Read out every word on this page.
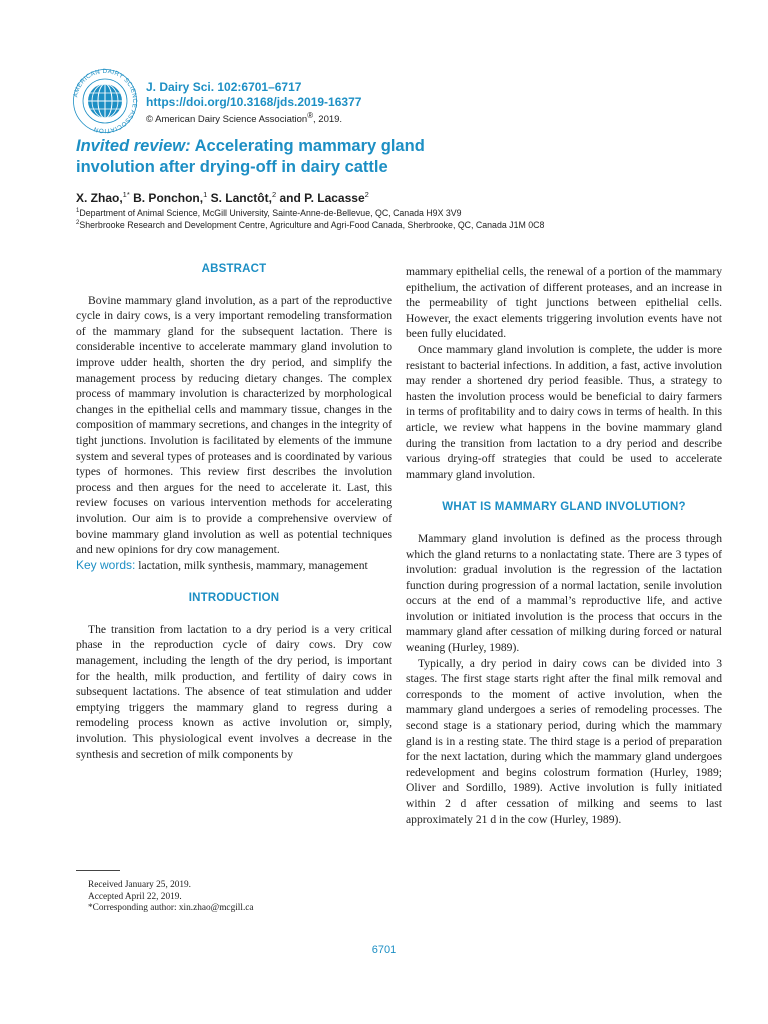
AMERICAN DAIRY SCIENCE ASSOCIATION
J. Dairy Sci. 102:6701–6717
https://doi.org/10.3168/jds.2019-16377
© American Dairy Science Association®, 2019.
Invited review: Accelerating mammary gland
involution after drying-off in dairy cattle
X. Zhao,$^{1*}$ B. Ponchon,$^1$ S. Lanctôt,$^2$ and P. Lacasse$^2$
$^1$Department of Animal Science, McGill University, Sainte-Anne-de-Bellevue, QC, Canada H9X 3V9
$^2$Sherbrooke Research and Development Centre, Agriculture and Agri-Food Canada, Sherbrooke, QC, Canada J1M 0C8
ABSTRACT

Bovine mammary gland involution, as a part of the reproductive cycle in dairy cows, is a very important remodeling transformation of the mammary gland for the subsequent lactation. There is considerable incentive to accelerate mammary gland involution to improve udder health, shorten the dry period, and simplify the management process by reducing dietary changes. The complex process of mammary involution is characterized by morphological changes in the epithelial cells and mammary tissue, changes in the composition of mammary secretions, and changes in the integrity of tight junctions. Involution is facilitated by elements of the immune system and several types of proteases and is coordinated by various types of hormones. This review first describes the involution process and then argues for the need to accelerate it. Last, this review focuses on various intervention methods for accelerating involution. Our aim is to provide a comprehensive overview of bovine mammary gland involution as well as potential techniques and new opinions for dry cow management.

Key words: lactation, milk synthesis, mammary, management

INTRODUCTION

The transition from lactation to a dry period is a very critical phase in the reproduction cycle of dairy cows. Dry cow management, including the length of the dry period, is important for the health, milk production, and fertility of dairy cows in subsequent lactations. The absence of teat stimulation and udder emptying triggers the mammary gland to regress during a remodeling process known as active involution or, simply, involution. This physiological event involves a decrease in the synthesis and secretion of milk components by

mammary epithelial cells, the renewal of a portion of the mammary epithelium, the activation of different proteases, and an increase in the permeability of tight junctions between epithelial cells. However, the exact elements triggering involution events have not been fully elucidated.

Once mammary gland involution is complete, the udder is more resistant to bacterial infections. In addition, a fast, active involution may render a shortened dry period feasible. Thus, a strategy to hasten the involution process would be beneficial to dairy farmers in terms of profitability and to dairy cows in terms of health. In this article, we review what happens in the bovine mammary gland during the transition from lactation to a dry period and describe various drying-off strategies that could be used to accelerate mammary gland involution.

WHAT IS MAMMARY GLAND INVOLUTION?

Mammary gland involution is defined as the process through which the gland returns to a nonlactating state. There are 3 types of involution: gradual involution is the regression of the lactation function during progression of a normal lactation, senile involution occurs at the end of a mammal’s reproductive life, and active involution or initiated involution is the process that occurs in the mammary gland after cessation of milking during forced or natural weaning (Hurley, 1989).

Typically, a dry period in dairy cows can be divided into 3 stages. The first stage starts right after the final milk removal and corresponds to the moment of active involution, when the mammary gland undergoes a series of remodeling processes. The second stage is a stationary period, during which the mammary gland is in a resting state. The third stage is a period of preparation for the next lactation, during which the mammary gland undergoes redevelopment and begins colostrum formation (Hurley, 1989; Oliver and Sordillo, 1989). Active involution is fully initiated within 2 d after cessation of milking and seems to last approximately 21 d in the cow (Hurley, 1989).

Received January 25, 2019.
Accepted April 22, 2019.
*Corresponding author: xin.zhao@mcgill.ca
6701
